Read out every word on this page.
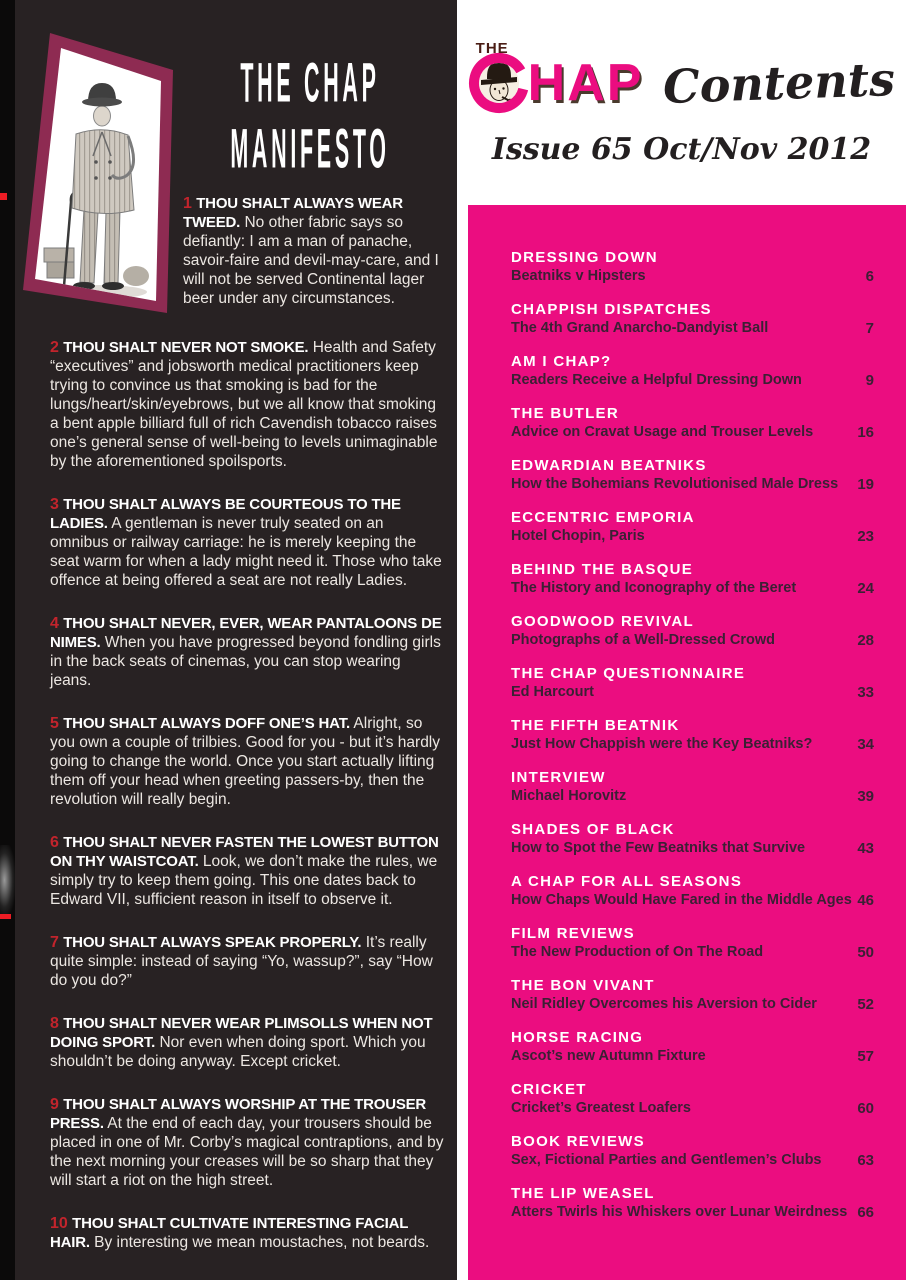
THE CHAP
MANIFESTO

1 THOU SHALT ALWAYS WEAR TWEED. No other fabric says so defiantly: I am a man of panache, savoir-faire and devil-may-care, and I will not be served Continental lager beer under any circumstances.

2 THOU SHALT NEVER NOT SMOKE. Health and Safety “executives” and jobsworth medical practitioners keep trying to convince us that smoking is bad for the lungs/heart/skin/eyebrows, but we all know that smoking a bent apple billiard full of rich Cavendish tobacco raises one’s general sense of well-being to levels unimaginable by the aforementioned spoilsports.

3 THOU SHALT ALWAYS BE COURTEOUS TO THE LADIES. A gentleman is never truly seated on an omnibus or railway carriage: he is merely keeping the seat warm for when a lady might need it. Those who take offence at being offered a seat are not really Ladies.

4 THOU SHALT NEVER, EVER, WEAR PANTALOONS DE NIMES. When you have progressed beyond fondling girls in the back seats of cinemas, you can stop wearing jeans.

5 THOU SHALT ALWAYS DOFF ONE’S HAT. Alright, so you own a couple of trilbies. Good for you - but it’s hardly going to change the world. Once you start actually lifting them off your head when greeting passers-by, then the revolution will really begin.

6 THOU SHALT NEVER FASTEN THE LOWEST BUTTON ON THY WAISTCOAT. Look, we don’t make the rules, we simply try to keep them going. This one dates back to Edward VII, sufficient reason in itself to observe it.

7 THOU SHALT ALWAYS SPEAK PROPERLY. It’s really quite simple: instead of saying “Yo, wassup?”, say “How do you do?”

8 THOU SHALT NEVER WEAR PLIMSOLLS WHEN NOT DOING SPORT. Nor even when doing sport. Which you shouldn’t be doing anyway. Except cricket.

9 THOU SHALT ALWAYS WORSHIP AT THE TROUSER PRESS. At the end of each day, your trousers should be placed in one of Mr. Corby’s magical contraptions, and by the next morning your creases will be so sharp that they will start a riot on the high street.

10 THOU SHALT CULTIVATE INTERESTING FACIAL HAIR. By interesting we mean moustaches, not beards.

THE
HAP Contents
Issue 65 Oct/Nov 2012
DRESSING DOWN
Beatniks v Hipsters	6
CHAPPISH DISPATCHES
The 4th Grand Anarcho-Dandyist Ball	7
AM I CHAP?
Readers Receive a Helpful Dressing Down	9
THE BUTLER
Advice on Cravat Usage and Trouser Levels	16
EDWARDIAN BEATNIKS
How the Bohemians Revolutionised Male Dress	19
ECCENTRIC EMPORIA
Hotel Chopin, Paris	23
BEHIND THE BASQUE
The History and Iconography of the Beret	24
GOODWOOD REVIVAL
Photographs of a Well-Dressed Crowd	28
THE CHAP QUESTIONNAIRE
Ed Harcourt	33
THE FIFTH BEATNIK
Just How Chappish were the Key Beatniks?	34
INTERVIEW
Michael Horovitz	39
SHADES OF BLACK
How to Spot the Few Beatniks that Survive	43
A CHAP FOR ALL SEASONS
How Chaps Would Have Fared in the Middle Ages 46
FILM REVIEWS
The New Production of On The Road	50
THE BON VIVANT
Neil Ridley Overcomes his Aversion to Cider	52
HORSE RACING
Ascot’s new Autumn Fixture	57
CRICKET
Cricket’s Greatest Loafers	60
BOOK REVIEWS
Sex, Fictional Parties and Gentlemen’s Clubs	63
THE LIP WEASEL
Atters Twirls his Whiskers over Lunar Weirdness 66
